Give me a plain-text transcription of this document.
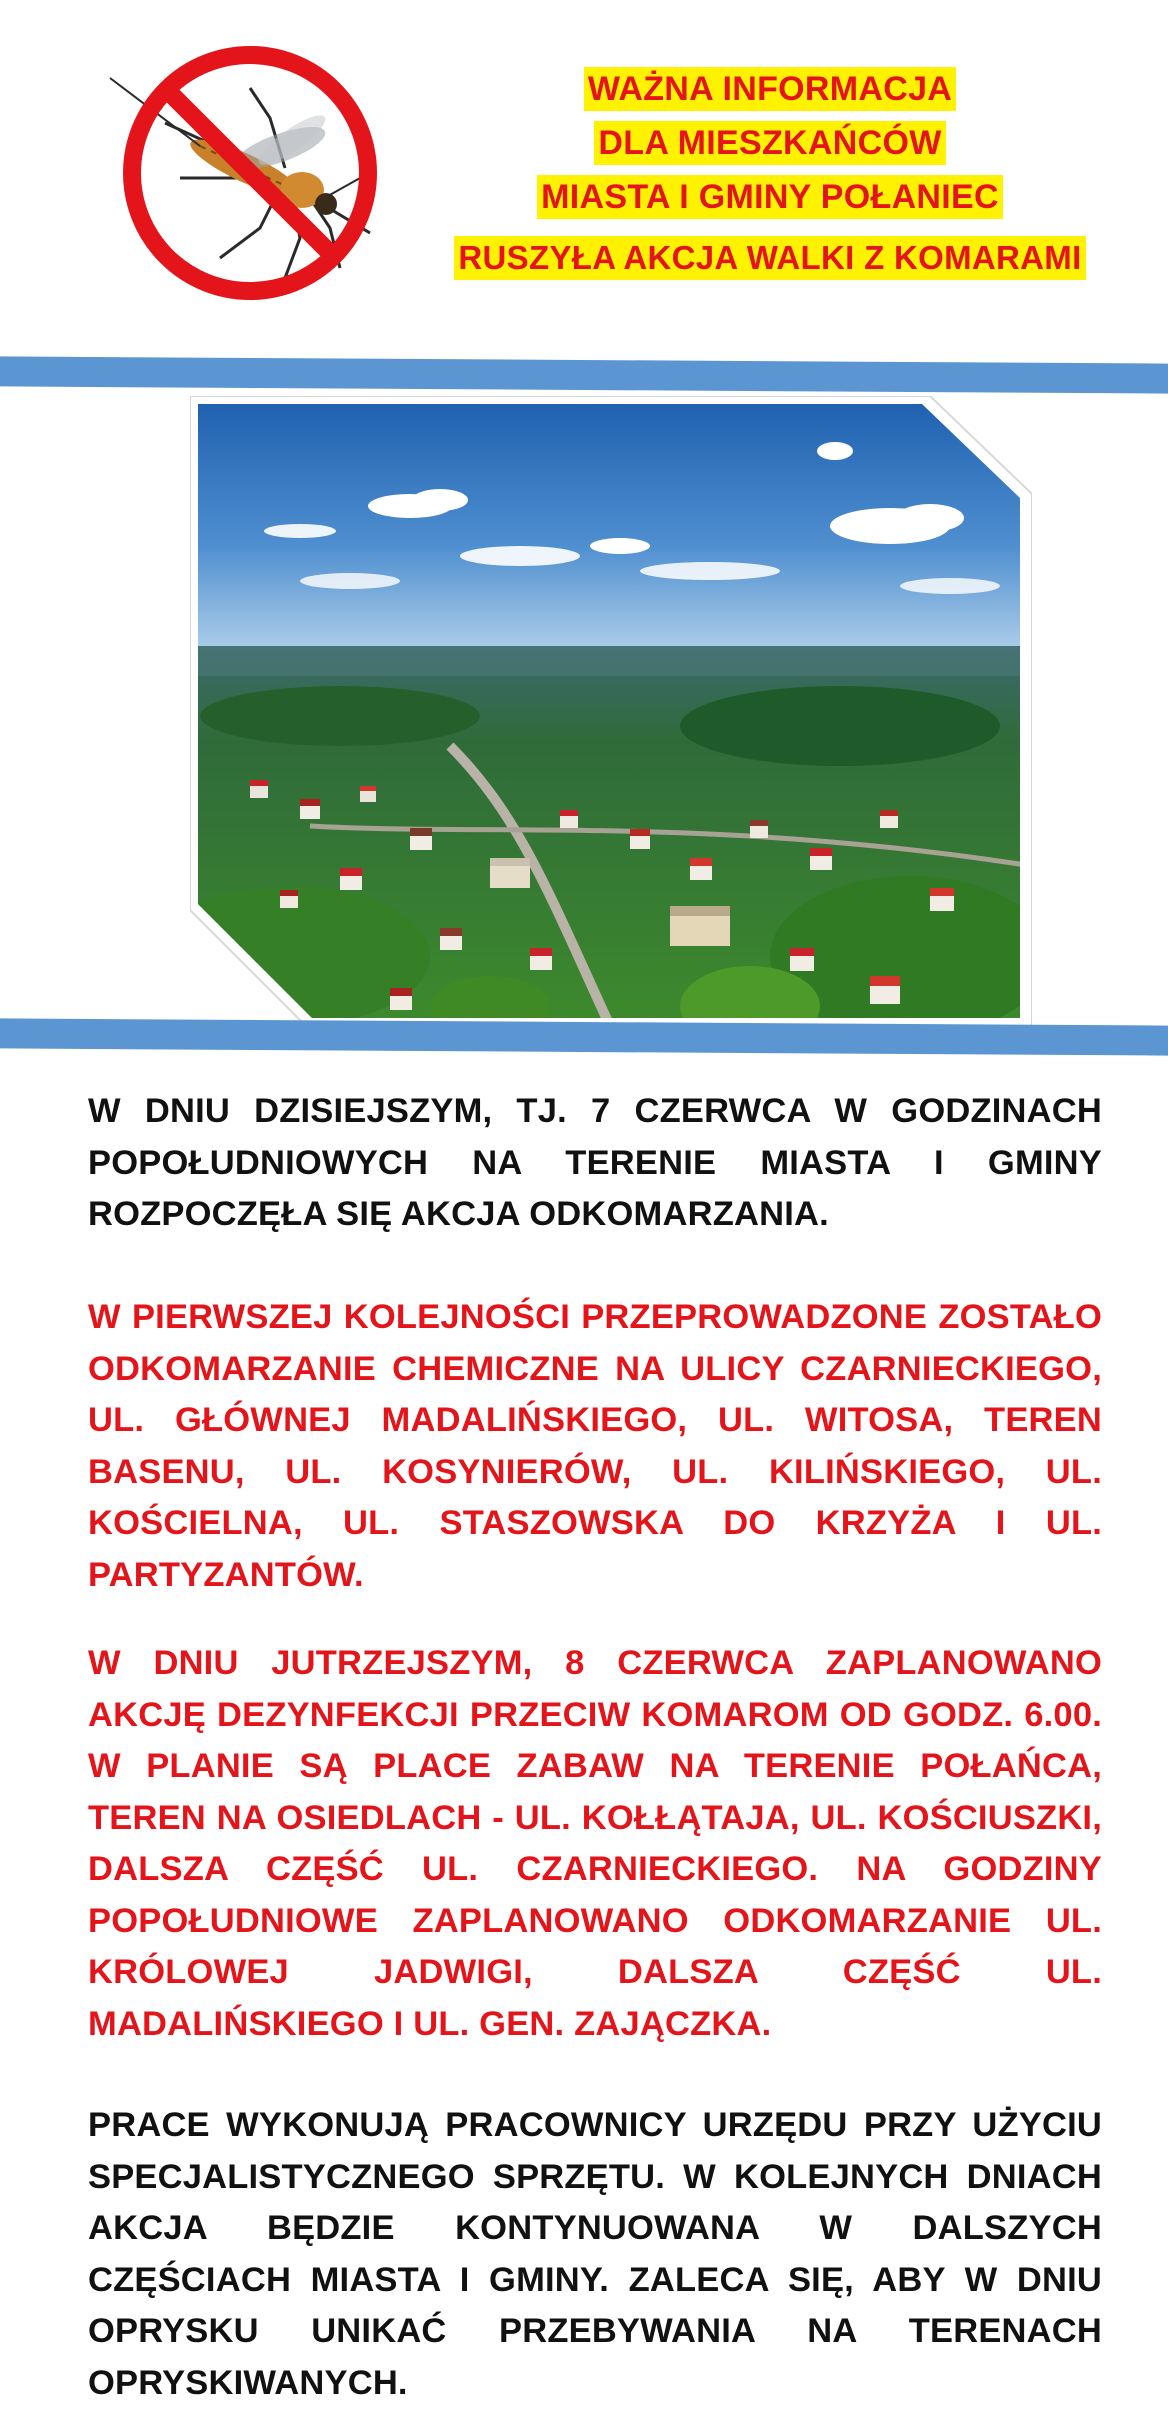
WAŻNA INFORMACJA
DLA MIESZKAŃCÓW
MIASTA I GMINY POŁANIEC
RUSZYŁA AKCJA WALKI Z KOMARAMI

W DNIU DZISIEJSZYM, TJ. 7 CZERWCA W GODZINACH POPOŁUDNIOWYCH NA TERENIE MIASTA I GMINY ROZPOCZĘŁA SIĘ AKCJA ODKOMARZANIA.

W PIERWSZEJ KOLEJNOŚCI PRZEPROWADZONE ZOSTAŁO ODKOMARZANIE CHEMICZNE NA ULICY CZARNIECKIEGO, UL. GŁÓWNEJ MADALIŃSKIEGO, UL. WITOSA, TEREN BASENU, UL. KOSYNIERÓW, UL. KILIŃSKIEGO, UL. KOŚCIELNA, UL. STASZOWSKA DO KRZYŻA I UL. PARTYZANTÓW.

W DNIU JUTRZEJSZYM, 8 CZERWCA ZAPLANOWANO AKCJĘ DEZYNFEKCJI PRZECIW KOMAROM OD GODZ. 6.00. W PLANIE SĄ PLACE ZABAW NA TERENIE POŁAŃCA, TEREN NA OSIEDLACH - UL. KOŁŁĄTAJA, UL. KOŚCIUSZKI, DALSZA CZĘŚĆ UL. CZARNIECKIEGO. NA GODZINY POPOŁUDNIOWE ZAPLANOWANO ODKOMARZANIE UL. KRÓLOWEJ JADWIGI, DALSZA CZĘŚĆ UL. MADALIŃSKIEGO I UL. GEN. ZAJĄCZKA.

PRACE WYKONUJĄ PRACOWNICY URZĘDU PRZY UŻYCIU SPECJALISTYCZNEGO SPRZĘTU. W KOLEJNYCH DNIACH AKCJA BĘDZIE KONTYNUOWANA W DALSZYCH CZĘŚCIACH MIASTA I GMINY. ZALECA SIĘ, ABY W DNIU OPRYSKU UNIKAĆ PRZEBYWANIA NA TERENACH OPRYSKIWANYCH.
